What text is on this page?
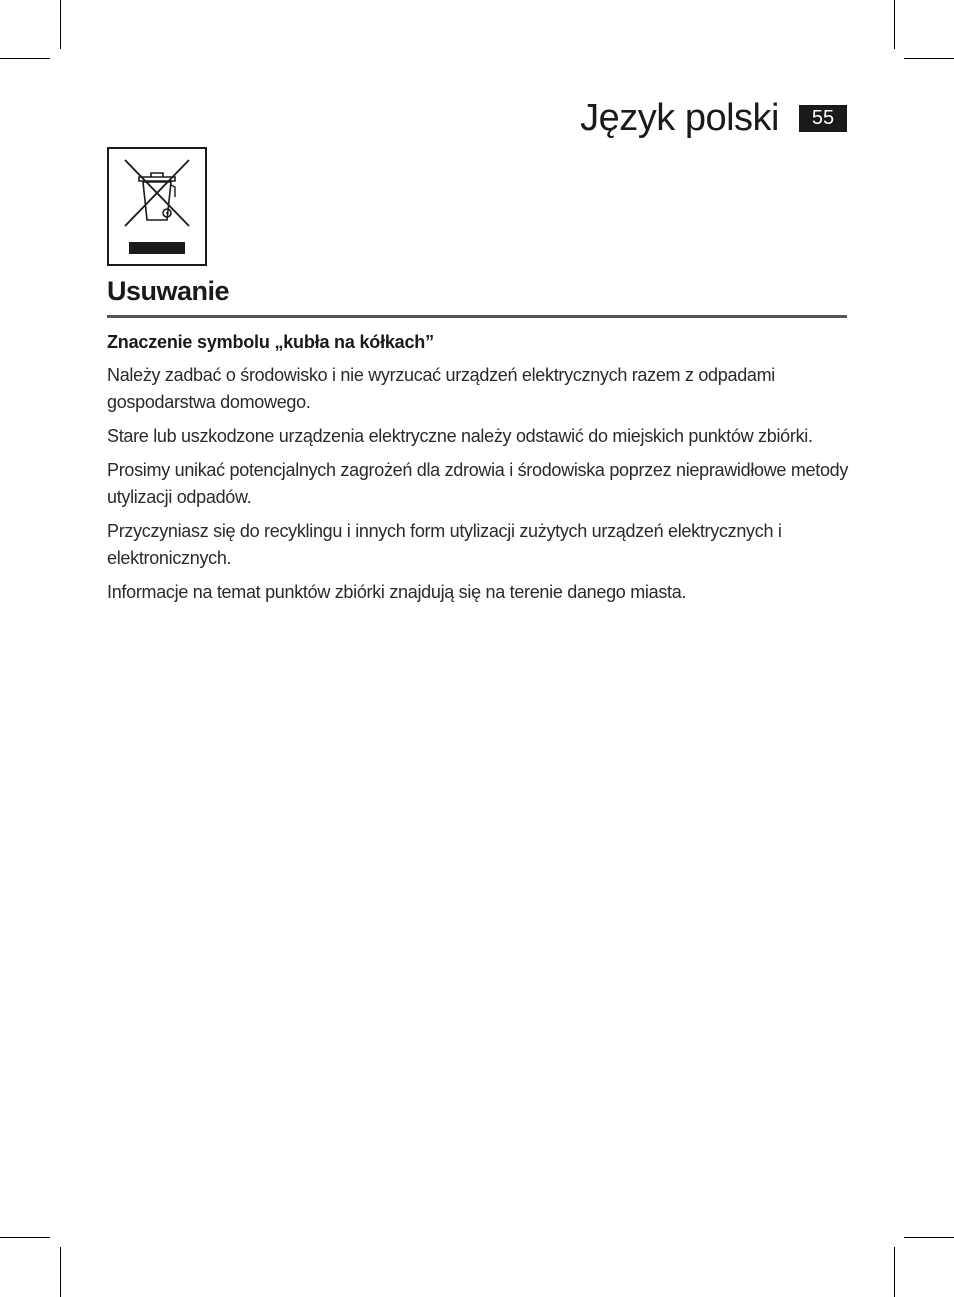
Język polski	55
Usuwanie

Znaczenie symbolu „kubła na kółkach”

Należy zadbać o środowisko i nie wyrzucać urządzeń elektrycznych razem z odpadami gospodarstwa domowego.

Stare lub uszkodzone urządzenia elektryczne należy odstawić do miejskich punktów zbiórki.

Prosimy unikać potencjalnych zagrożeń dla zdrowia i środowiska poprzez nieprawidłowe metody utylizacji odpadów.

Przyczyniasz się do recyklingu i innych form utylizacji zużytych urządzeń elektrycznych i elektronicznych.

Informacje na temat punktów zbiórki znajdują się na terenie danego miasta.
